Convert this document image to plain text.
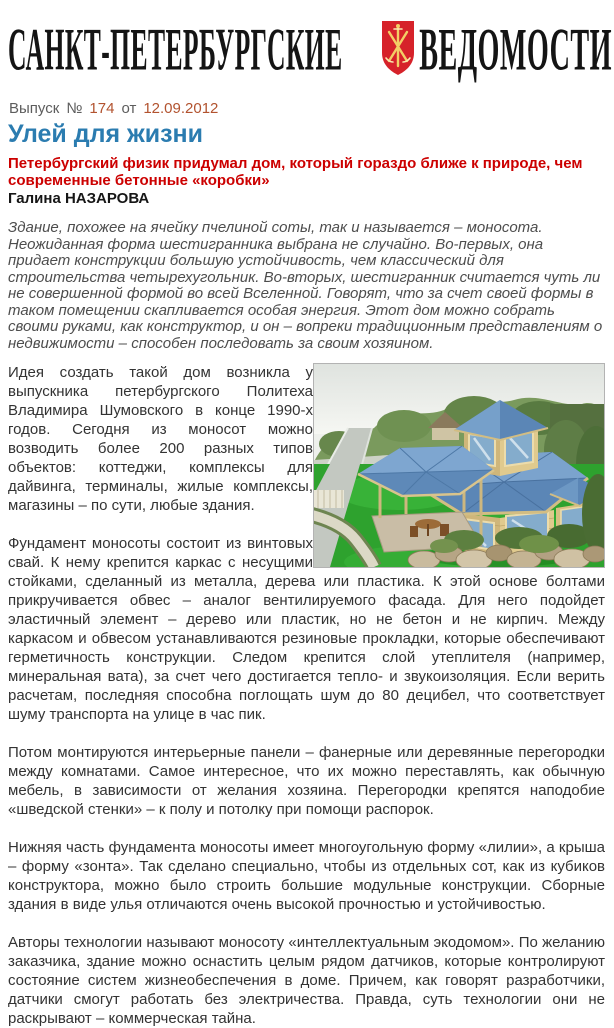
САНКТ-ПЕТЕРБУРГСКИЕ ВЕДОМОСТИ
Выпуск № 174 от 12.09.2012
Улей для жизни

Петербургский физик придумал дом, который гораздо ближе к природе, чем современные бетонные «коробки»

Галина НАЗАРОВА

Здание, похожее на ячейку пчелиной соты, так и называется – моносота. Неожиданная форма шестигранника выбрана не случайно. Во-первых, она придает конструкции большую устойчивость, чем классический для строительства четырехугольник. Во-вторых, шестигранник считается чуть ли не совершенной формой во всей Вселенной. Говорят, что за счет своей формы в таком помещении скапливается особая энергия. Этот дом можно собрать своими руками, как конструктор, и он – вопреки традиционным представлениям о недвижимости – способен последовать за своим хозяином.

Идея создать такой дом возникла у выпускника петербургского Политеха Владимира Шумовского в конце 1990-х годов. Сегодня из моносот можно возводить более 200 разных типов объектов: коттеджи, комплексы для дайвинга, терминалы, жилые комплексы, магазины – по сути, любые здания.

Фундамент моносоты состоит из винтовых свай. К нему крепится каркас с несущими стойками, сделанный из металла, дерева или пластика. К этой основе болтами прикручивается обвес – аналог вентилируемого фасада. Для него подойдет эластичный элемент – дерево или пластик, но не бетон и не кирпич. Между каркасом и обвесом устанавливаются резиновые прокладки, которые обеспечивают герметичность конструкции. Следом крепится слой утеплителя (например, минеральная вата), за счет чего достигается тепло- и звукоизоляция. Если верить расчетам, последняя способна поглощать шум до 80 децибел, что соответствует шуму транспорта на улице в час пик.

Потом монтируются интерьерные панели – фанерные или деревянные перегородки между комнатами. Самое интересное, что их можно переставлять, как обычную мебель, в зависимости от желания хозяина. Перегородки крепятся наподобие «шведской стенки» – к полу и потолку при помощи распорок.

Нижняя часть фундамента моносоты имеет многоугольную форму «лилии», а крыша – форму «зонта». Так сделано специально, чтобы из отдельных сот, как из кубиков конструктора, можно было строить большие модульные конструкции. Сборные здания в виде улья отличаются очень высокой прочностью и устойчивостью.

Авторы технологии называют моносоту «интеллектуальным экодомом». По желанию заказчика, здание можно оснастить целым рядом датчиков, которые контролируют состояние систем жизнеобеспечения в доме. Причем, как говорят разработчики, датчики смогут работать без электричества. Правда, суть технологии они не раскрывают – коммерческая тайна.
